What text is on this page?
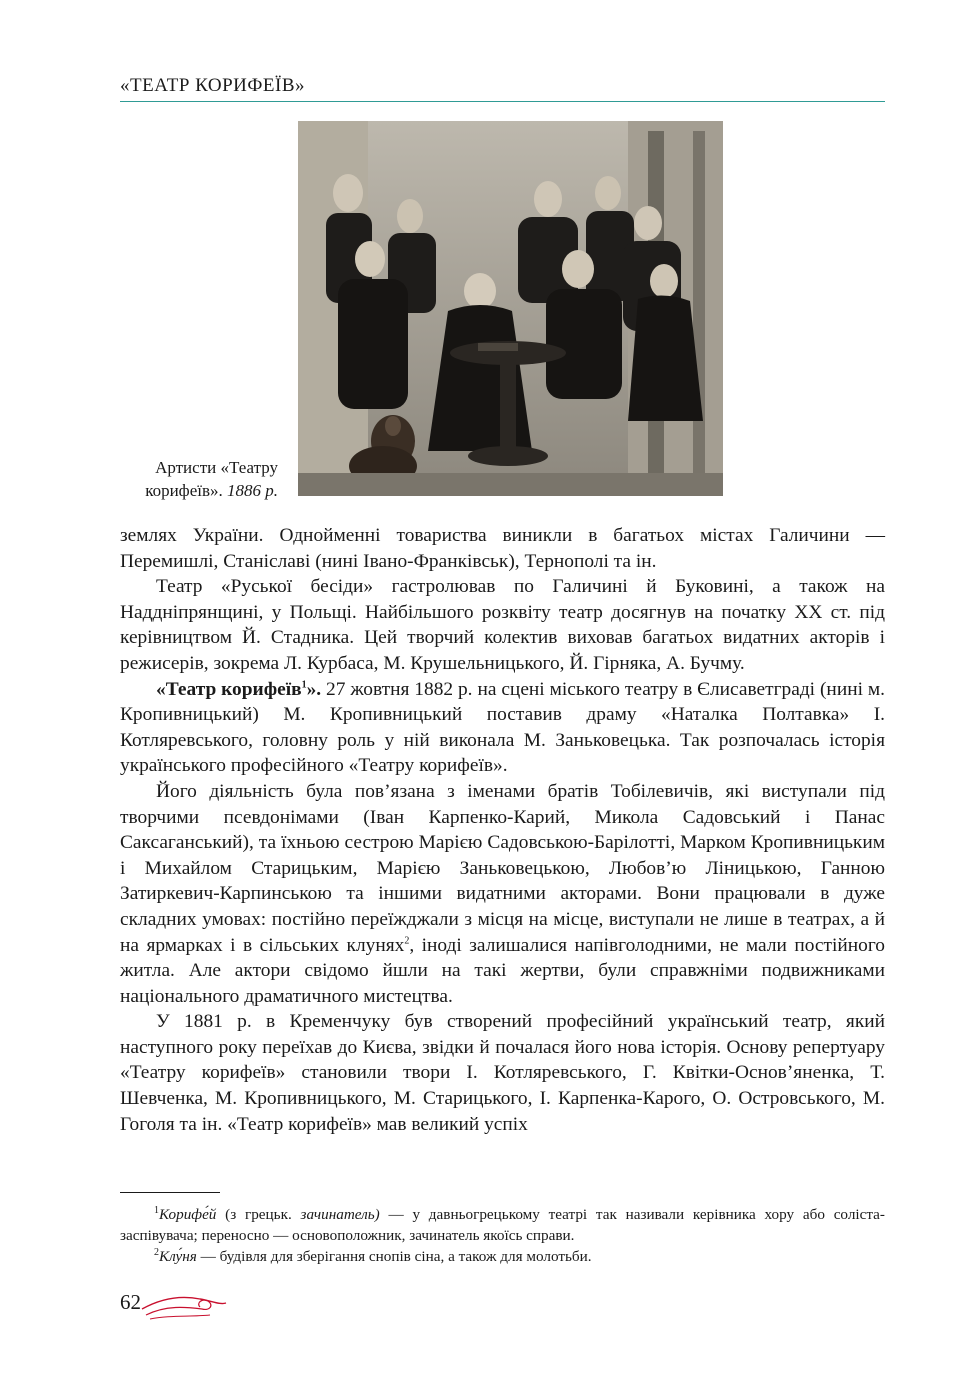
«ТЕАТР КОРИФЕЇВ»
Артисти «Театру корифеїв». 1886 р.

землях України. Однойменні товариства виникли в багатьох містах Галичини — Перемишлі, Станіславі (нині Івано-Франківськ), Тернополі та ін.

Театр «Руської бесіди» гастролював по Галичині й Буковині, а також на Наддніпрянщині, у Польщі. Найбільшого розквіту театр досягнув на початку XX ст. під керівництвом Й. Стадника. Цей творчий колектив виховав багатьох видатних акторів і режисерів, зокрема Л. Курбаса, М. Крушельницького, Й. Гірняка, А. Бучму.

«Театр корифеїв$^1$». 27 жовтня 1882 р. на сцені міського театру в Єлисаветграді (нині м. Кропивницький) М. Кропивницький поставив драму «Наталка Полтавка» І. Котляревського, головну роль у ній виконала М. Заньковецька. Так розпочалась історія українського професійного «Театру корифеїв».

Його діяльність була пов’язана з іменами братів Тобілевичів, які виступали під творчими псевдонімами (Іван Карпенко-Карий, Микола Садовський і Панас Саксаганський), та їхньою сестрою Марією Садовською-Барілотті, Марком Кропивницьким і Михайлом Старицьким, Марією Заньковецькою, Любов’ю Ліницькою, Ганною Затиркевич-Карпинською та іншими видатними акторами. Вони працювали в дуже складних умовах: постійно переїжджали з місця на місце, виступали не лише в театрах, а й на ярмарках і в сільських клунях$^2$, іноді залишалися напівголодними, не мали постійного житла. Але актори свідомо йшли на такі жертви, були справжніми подвижниками національного драматичного мистецтва.

У 1881 р. в Кременчуку був створений професійний український театр, який наступного року переїхав до Києва, звідки й почалася його нова історія. Основу репертуару «Театру корифеїв» становили твори І. Котляревського, Г. Квітки-Основ’яненка, Т. Шевченка, М. Кропивницького, М. Старицького, І. Карпенка-Карого, О. Островського, М. Гоголя та ін. «Театр корифеїв» мав великий успіх

$^1$Корифе́й (з грецьк. зачинатель) — у давньогрецькому театрі так називали керівника хору або соліста-заспівувача; переносно — основоположник, зачинатель якоїсь справи.

$^2$Клу́ня — будівля для зберігання снопів сіна, а також для молотьби.

62
